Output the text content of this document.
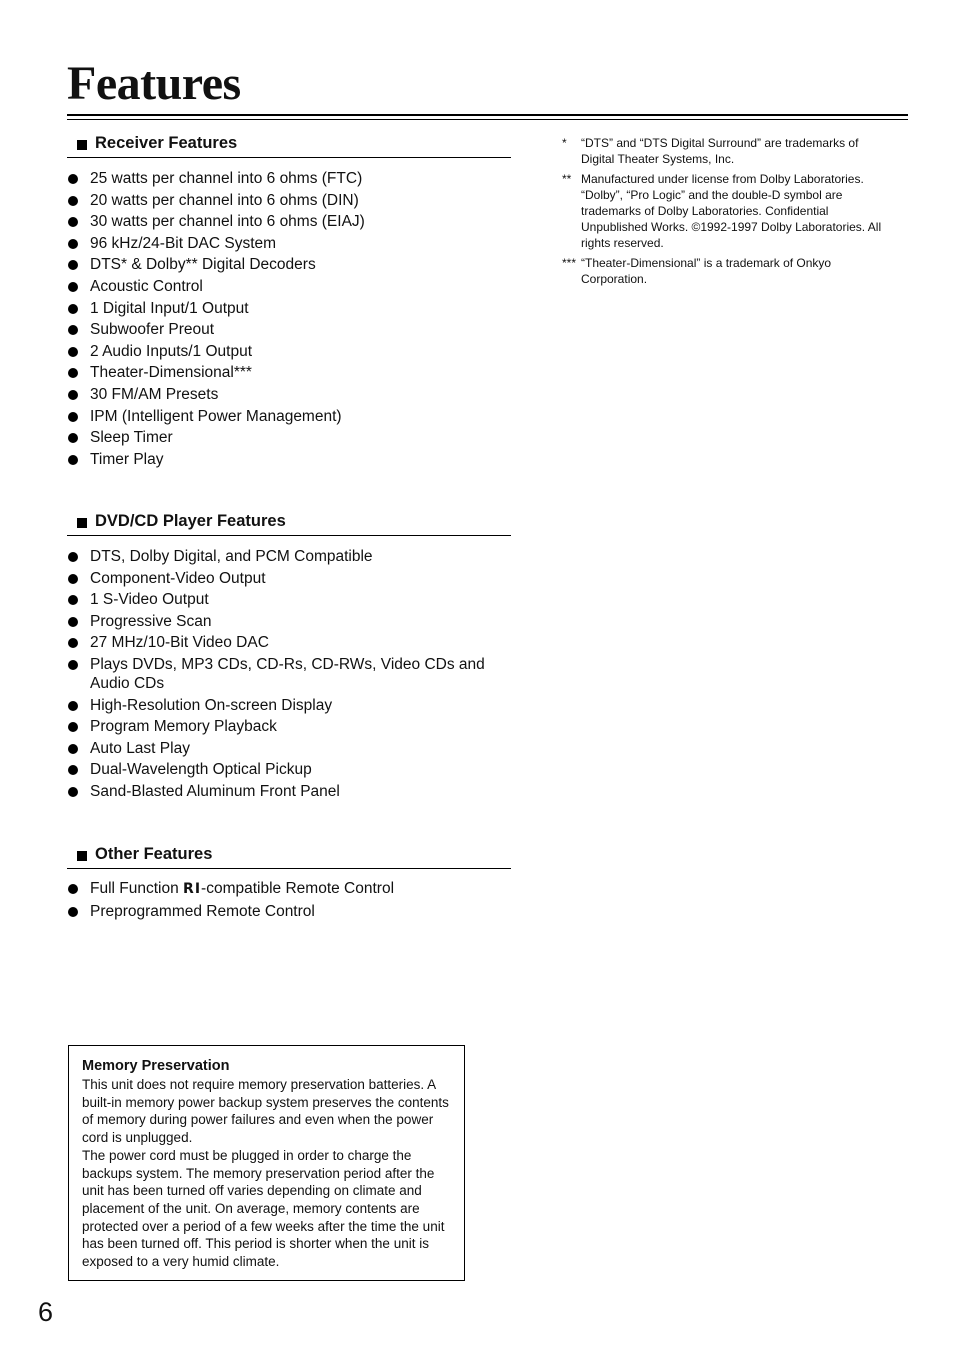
Features
Receiver Features
25 watts per channel into 6 ohms (FTC)
20 watts per channel into 6 ohms (DIN)
30 watts per channel into 6 ohms (EIAJ)
96 kHz/24-Bit DAC System
DTS* & Dolby** Digital Decoders
Acoustic Control
1 Digital Input/1 Output
Subwoofer Preout
2 Audio Inputs/1 Output
Theater-Dimensional***
30 FM/AM Presets
IPM (Intelligent Power Management)
Sleep Timer
Timer Play
DVD/CD Player Features
DTS, Dolby Digital, and PCM Compatible
Component-Video Output
1 S-Video Output
Progressive Scan
27 MHz/10-Bit Video DAC
Plays DVDs, MP3 CDs, CD-Rs, CD-RWs, Video CDs and Audio CDs
High-Resolution On-screen Display
Program Memory Playback
Auto Last Play
Dual-Wavelength Optical Pickup
Sand-Blasted Aluminum Front Panel
Other Features
Full Function RI-compatible Remote Control
Preprogrammed Remote Control
* “DTS” and “DTS Digital Surround” are trademarks of Digital Theater Systems, Inc.
** Manufactured under license from Dolby Laboratories. “Dolby”, “Pro Logic” and the double-D symbol are trademarks of Dolby Laboratories. Confidential Unpublished Works. ©1992-1997 Dolby Laboratories. All rights reserved.
*** “Theater-Dimensional” is a trademark of Onkyo Corporation.
Memory Preservation

This unit does not require memory preservation batteries. A built-in memory power backup system preserves the contents of memory during power failures and even when the power cord is unplugged.

The power cord must be plugged in order to charge the backups system. The memory preservation period after the unit has been turned off varies depending on climate and placement of the unit. On average, memory contents are protected over a period of a few weeks after the time the unit has been turned off. This period is shorter when the unit is exposed to a very humid climate.

6
